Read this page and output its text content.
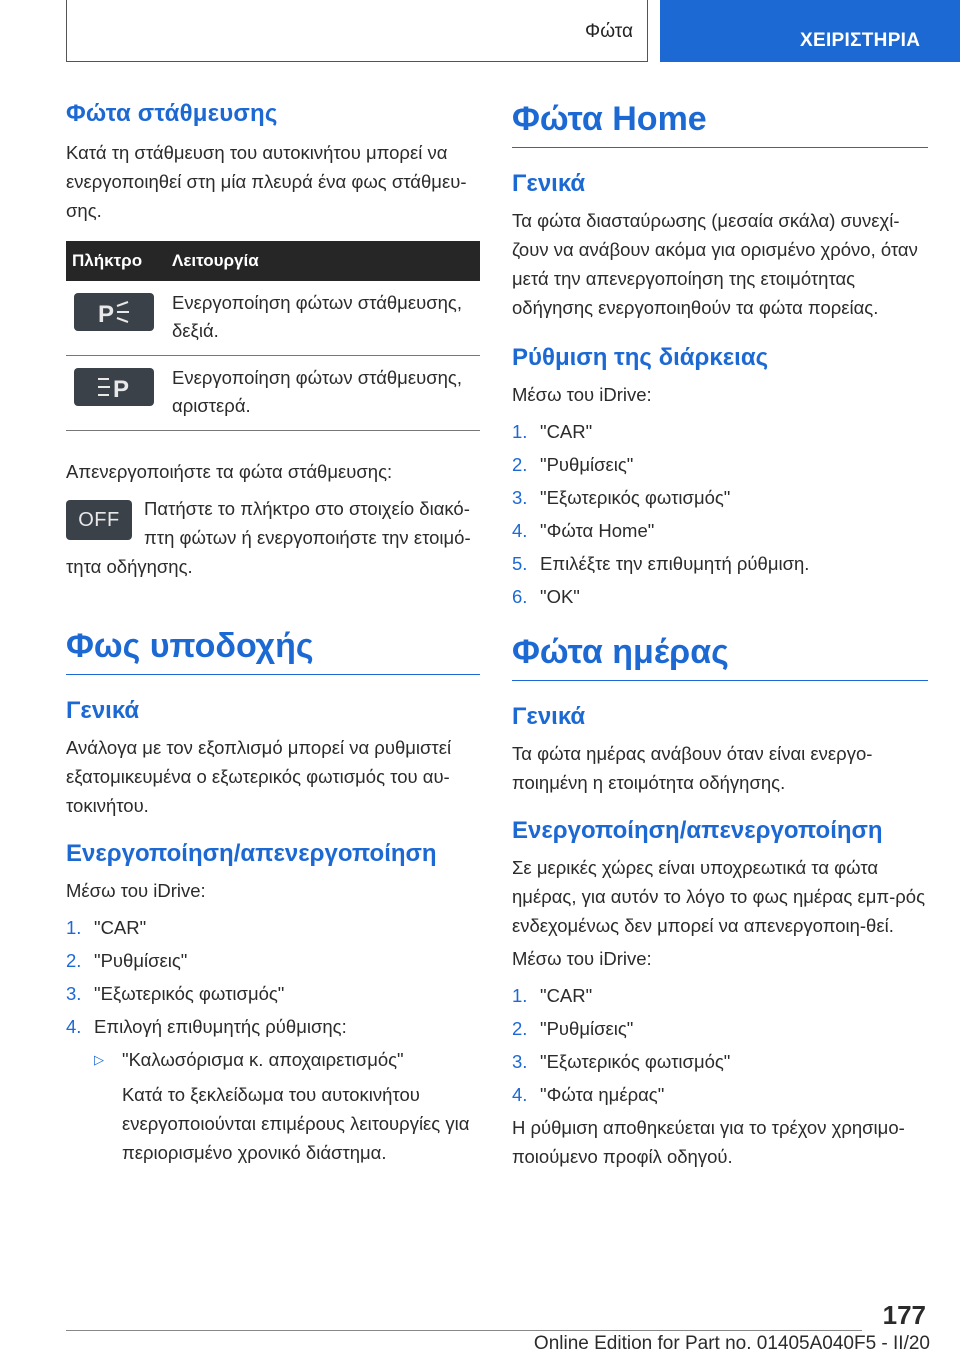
Φώτα	ΧΕΙΡΙΣΤΗΡΙΑ
Φώτα στάθμευσης

Κατά τη στάθμευση του αυτοκινήτου μπορεί να ενεργοποιηθεί στη μία πλευρά ένα φως στάθμευ-σης.

Πλήκτρο	Λειτουργία

P	Ενεργοποίηση φώτων στάθμευσης, δεξιά.

P	Ενεργοποίηση φώτων στάθμευσης, αριστερά.

Απενεργοποιήστε τα φώτα στάθμευσης:

OFF	Πατήστε το πλήκτρο στο στοιχείο διακό-πτη φώτων ή ενεργοποιήστε την ετοιμό-τητα οδήγησης.

Φως υποδοχής
Γενικά

Ανάλογα με τον εξοπλισμό μπορεί να ρυθμιστεί εξατομικευμένα ο εξωτερικός φωτισμός του αυ-τοκινήτου.

Ενεργοποίηση/απενεργοποίηση

Μέσω του iDrive:

1. "CAR"
2. "Ρυθμίσεις"
3. "Εξωτερικός φωτισμός"
4. Επιλογή επιθυμητής ρύθμισης:
▷ "Καλωσόρισμα κ. αποχαιρετισμός"
Κατά το ξεκλείδωμα του αυτοκινήτου ενεργοποιούνται επιμέρους λειτουργίες για περιορισμένο χρονικό διάστημα.
Φώτα Home
Γενικά

Τα φώτα διασταύρωσης (μεσαία σκάλα) συνεχί-ζουν να ανάβουν ακόμα για ορισμένο χρόνο, όταν μετά την απενεργοποίηση της ετοιμότητας οδήγησης ενεργοποιηθούν τα φώτα πορείας.

Ρύθμιση της διάρκειας

Μέσω του iDrive:

1. "CAR"
2. "Ρυθμίσεις"
3. "Εξωτερικός φωτισμός"
4. "Φώτα Home"
5. Επιλέξτε την επιθυμητή ρύθμιση.
6. "OK"
Φώτα ημέρας
Γενικά

Τα φώτα ημέρας ανάβουν όταν είναι ενεργο-ποιημένη η ετοιμότητα οδήγησης.

Ενεργοποίηση/απενεργοποίηση

Σε μερικές χώρες είναι υποχρεωτικά τα φώτα ημέρας, για αυτόν το λόγο το φως ημέρας εμπ-ρός ενδεχομένως δεν μπορεί να απενεργοποιη-θεί.

Μέσω του iDrive:

1. "CAR"
2. "Ρυθμίσεις"
3. "Εξωτερικός φωτισμός"
4. "Φώτα ημέρας"

Η ρύθμιση αποθηκεύεται για το τρέχον χρησιμο-ποιούμενο προφίλ οδηγού.

177
Online Edition for Part no. 01405A040F5 - II/20
